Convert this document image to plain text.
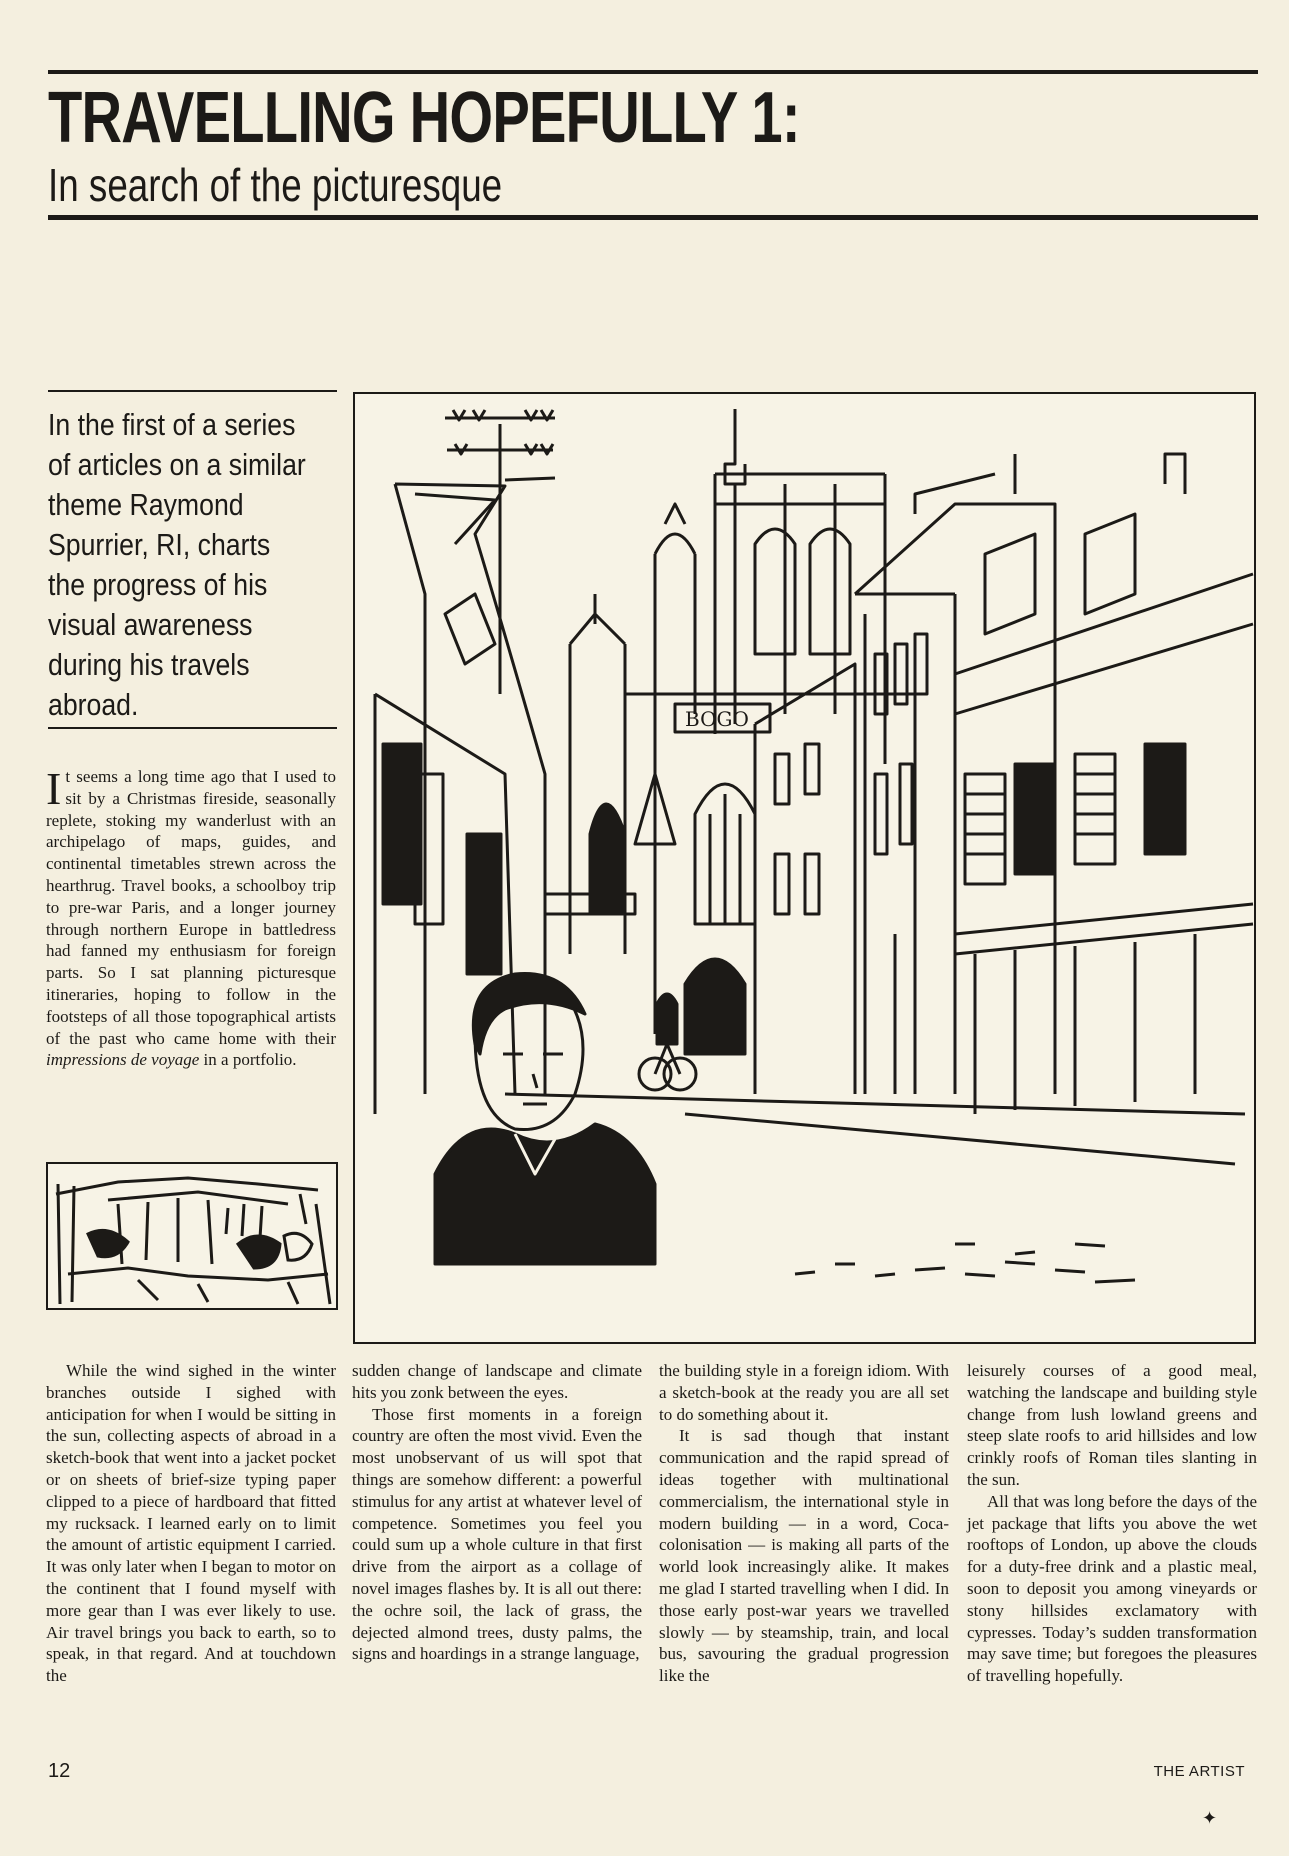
TRAVELLING HOPEFULLY 1:
In search of the picturesque

In the first of a series of articles on a similar theme Raymond Spurrier, RI, charts the progress of his visual awareness during his travels abroad.

It seems a long time ago that I used to sit by a Christmas fireside, seasonally replete, stoking my wanderlust with an archipelago of maps, guides, and continental timetables strewn across the hearthrug. Travel books, a schoolboy trip to pre-war Paris, and a longer journey through northern Europe in battledress had fanned my enthusiasm for foreign parts. So I sat planning picturesque itineraries, hoping to follow in the footsteps of all those topographical artists of the past who came home with their impressions de voyage in a portfolio.

BOGO

While the wind sighed in the winter branches outside I sighed with anticipation for when I would be sitting in the sun, collecting aspects of abroad in a sketch-book that went into a jacket pocket or on sheets of brief-size typing paper clipped to a piece of hardboard that fitted my rucksack. I learned early on to limit the amount of artistic equipment I carried. It was only later when I began to motor on the continent that I found myself with more gear than I was ever likely to use. Air travel brings you back to earth, so to speak, in that regard. And at touchdown the

sudden change of landscape and climate hits you zonk between the eyes.
Those first moments in a foreign country are often the most vivid. Even the most unobservant of us will spot that things are somehow different: a powerful stimulus for any artist at whatever level of competence. Sometimes you feel you could sum up a whole culture in that first drive from the airport as a collage of novel images flashes by. It is all out there: the ochre soil, the lack of grass, the dejected almond trees, dusty palms, the signs and hoardings in a strange language,
the building style in a foreign idiom. With a sketch-book at the ready you are all set to do something about it.
It is sad though that instant communication and the rapid spread of ideas together with multinational commercialism, the international style in modern building — in a word, Coca-colonisation — is making all parts of the world look increasingly alike. It makes me glad I started travelling when I did. In those early post-war years we travelled slowly — by steamship, train, and local bus, savouring the gradual progression like the
leisurely courses of a good meal, watching the landscape and building style change from lush lowland greens and steep slate roofs to arid hillsides and low crinkly roofs of Roman tiles slanting in the sun.
All that was long before the days of the jet package that lifts you above the wet rooftops of London, up above the clouds for a duty-free drink and a plastic meal, soon to deposit you among vineyards or stony hillsides exclamatory with cypresses. Today’s sudden transformation may save time; but foregoes the pleasures of travelling hopefully.

12	THE ARTIST

✦
